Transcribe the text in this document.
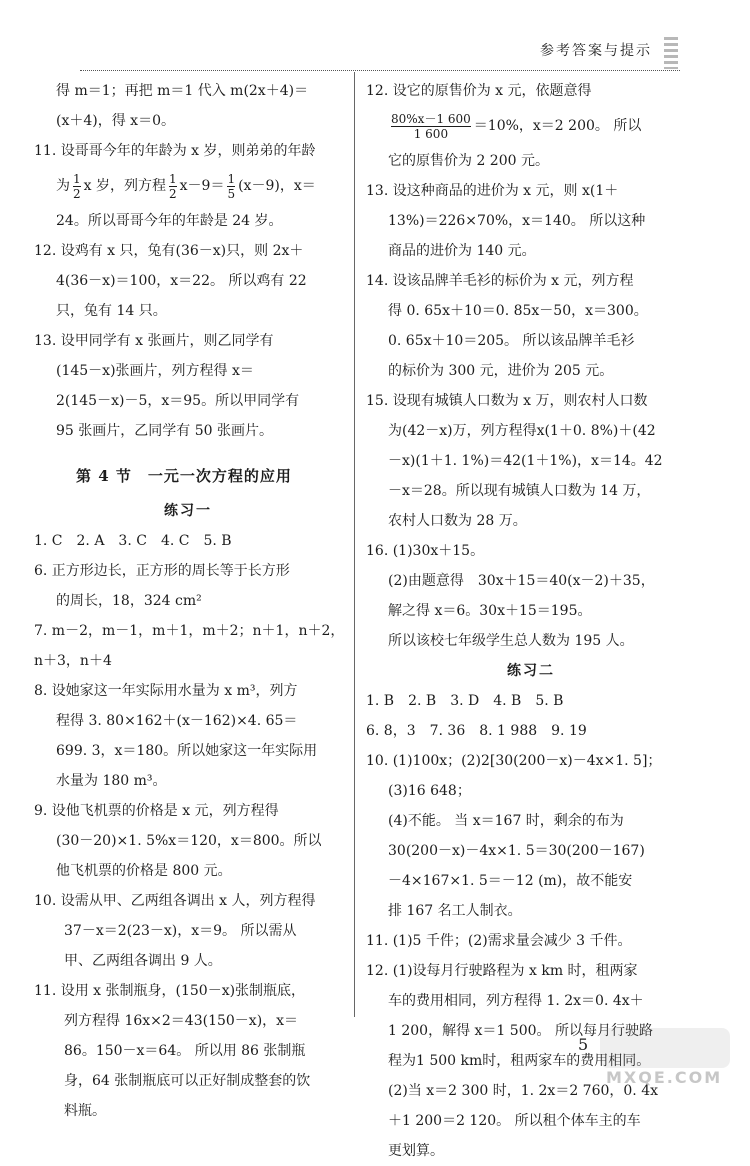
参考答案与提示
得 m＝1；再把 m＝1 代入 m(2x＋4)＝
(x＋4)，得 x＝0。
11. 设哥哥今年的年龄为 x 岁，则弟弟的年龄
为 $\frac{1}{2}$ x 岁，列方程 $\frac{1}{2} x-9= \frac{1}{5} (x-9)$，x＝
24。所以哥哥今年的年龄是 24 岁。
12. 设鸡有 x 只，兔有(36－x)只，则 2x＋
4(36－x)＝100，x＝22。 所以鸡有 22
只，兔有 14 只。
13. 设甲同学有 x 张画片，则乙同学有
(145－x)张画片，列方程得 x＝
2(145－x)－5，x＝95。所以甲同学有
95 张画片，乙同学有 50 张画片。
第 4 节　一元一次方程的应用
练习一
1. C　2. A　3. C　4. C　5. B
6. 正方形边长，正方形的周长等于长方形
的周长，18，324 cm²
7. m－2，m－1，m＋1，m＋2；n＋1，n＋2，
n＋3，n＋4
8. 设她家这一年实际用水量为 x m³，列方
程得 3. 80×162＋(x－162)×4. 65＝
699. 3，x＝180。所以她家这一年实际用
水量为 180 m³。
9. 设他飞机票的价格是 x 元，列方程得
(30－20)×1. 5%x＝120，x＝800。所以
他飞机票的价格是 800 元。
10. 设需从甲、乙两组各调出 x 人，列方程得
37－x＝2(23－x)，x＝9。 所以需从
甲、乙两组各调出 9 人。
11. 设用 x 张制瓶身，(150－x)张制瓶底，
列方程得 16x×2＝43(150－x)，x＝
86。150－x＝64。 所以用 86 张制瓶
身，64 张制瓶底可以正好制成整套的饮
料瓶。
12. 设它的原售价为 x 元，依题意得
$\frac{80\%x-1 600}{1 600} =10\%$，x＝2 200。 所以
它的原售价为 2 200 元。
13. 设这种商品的进价为 x 元，则 x(1＋
13%)＝226×70%，x＝140。 所以这种
商品的进价为 140 元。
14. 设该品牌羊毛衫的标价为 x 元，列方程
得 0. 65x＋10＝0. 85x－50，x＝300。
0. 65x＋10＝205。 所以该品牌羊毛衫
的标价为 300 元，进价为 205 元。
15. 设现有城镇人口数为 x 万，则农村人口数
为(42－x)万，列方程得x(1＋0. 8%)＋(42
－x)(1＋1. 1%)＝42(1＋1%)，x＝14。42
－x＝28。所以现有城镇人口数为 14 万，
农村人口数为 28 万。
16. (1)30x＋15。
(2)由题意得　30x＋15＝40(x－2)＋35，
解之得 x＝6。30x＋15＝195。
所以该校七年级学生总人数为 195 人。
练习二
1. B　2. B　3. D　4. B　5. B
6. 8，3　7. 36　8. 1 988　9. 19
10. (1)100x；(2)2[30(200－x)－4x×1. 5]；
(3)16 648；
(4)不能。 当 x＝167 时，剩余的布为
30(200－x)－4x×1. 5＝30(200－167)
－4×167×1. 5＝－12 (m)，故不能安
排 167 名工人制衣。
11. (1)5 千件；(2)需求量会减少 3 千件。
12. (1)设每月行驶路程为 x km 时，租两家
车的费用相同，列方程得 1. 2x＝0. 4x＋
1 200，解得 x＝1 500。 所以每月行驶路
程为1 500 km时，租两家车的费用相同。
(2)当 x＝2 300 时，1. 2x＝2 760，0. 4x
＋1 200＝2 120。 所以租个体车主的车
更划算。
5
MXQE.COM
